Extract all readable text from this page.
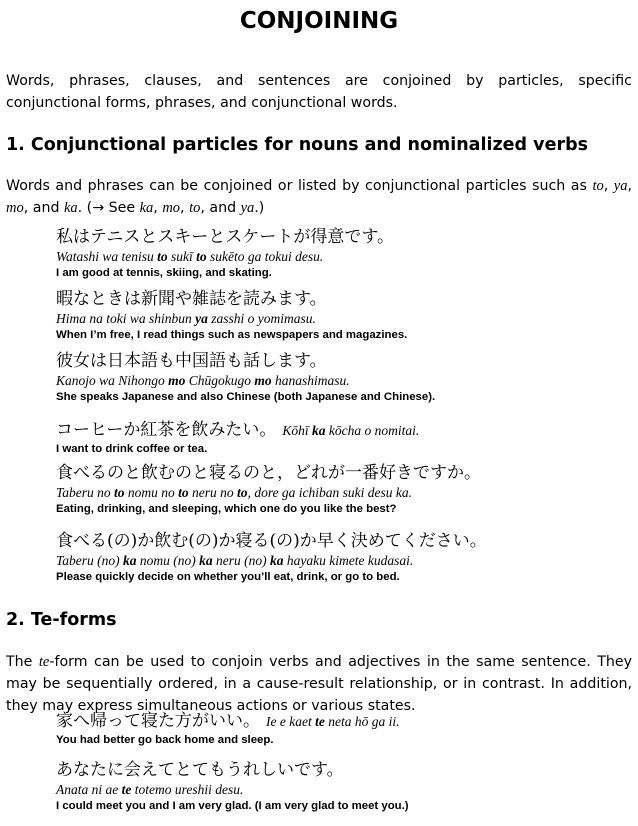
CONJOINING
Words, phrases, clauses, and sentences are conjoined by particles, specific conjunctional forms, phrases, and conjunctional words.
1. Conjunctional particles for nouns and nominalized verbs
Words and phrases can be conjoined or listed by conjunctional particles such as to, ya, mo, and ka. (→ See ka, mo, to, and ya.)
私はテニスとスキーとスケートが得意です。
Watashi wa tenisu to sukī to sukēto ga tokui desu.
I am good at tennis, skiing, and skating.
暇なときは新聞や雑誌を読みます。
Hima na toki wa shinbun ya zasshi o yomimasu.
When I’m free, I read things such as newspapers and magazines.
彼女は日本語も中国語も話します。
Kanojo wa Nihongo mo Chūgokugo mo hanashimasu.
She speaks Japanese and also Chinese (both Japanese and Chinese).
コーヒーか紅茶を飲みたい。 Kōhī ka kōcha o nomitai.
I want to drink coffee or tea.
食べるのと飲むのと寝るのと，どれが一番好きですか。
Taberu no to nomu no to neru no to, dore ga ichiban suki desu ka.
Eating, drinking, and sleeping, which one do you like the best?
食べる(の)か飲む(の)か寝る(の)か早く決めてください。
Taberu (no) ka nomu (no) ka neru (no) ka hayaku kimete kudasai.
Please quickly decide on whether you’ll eat, drink, or go to bed.
2. Te-forms
The te-form can be used to conjoin verbs and adjectives in the same sentence. They may be sequentially ordered, in a cause-result relationship, or in contrast. In addition, they may express simultaneous actions or various states.
家へ帰って寝た方がいい。 Ie e kaet te neta hō ga ii.
You had better go back home and sleep.
あなたに会えてとてもうれしいです。
Anata ni ae te totemo ureshii desu.
I could meet you and I am very glad. (I am very glad to meet you.)
